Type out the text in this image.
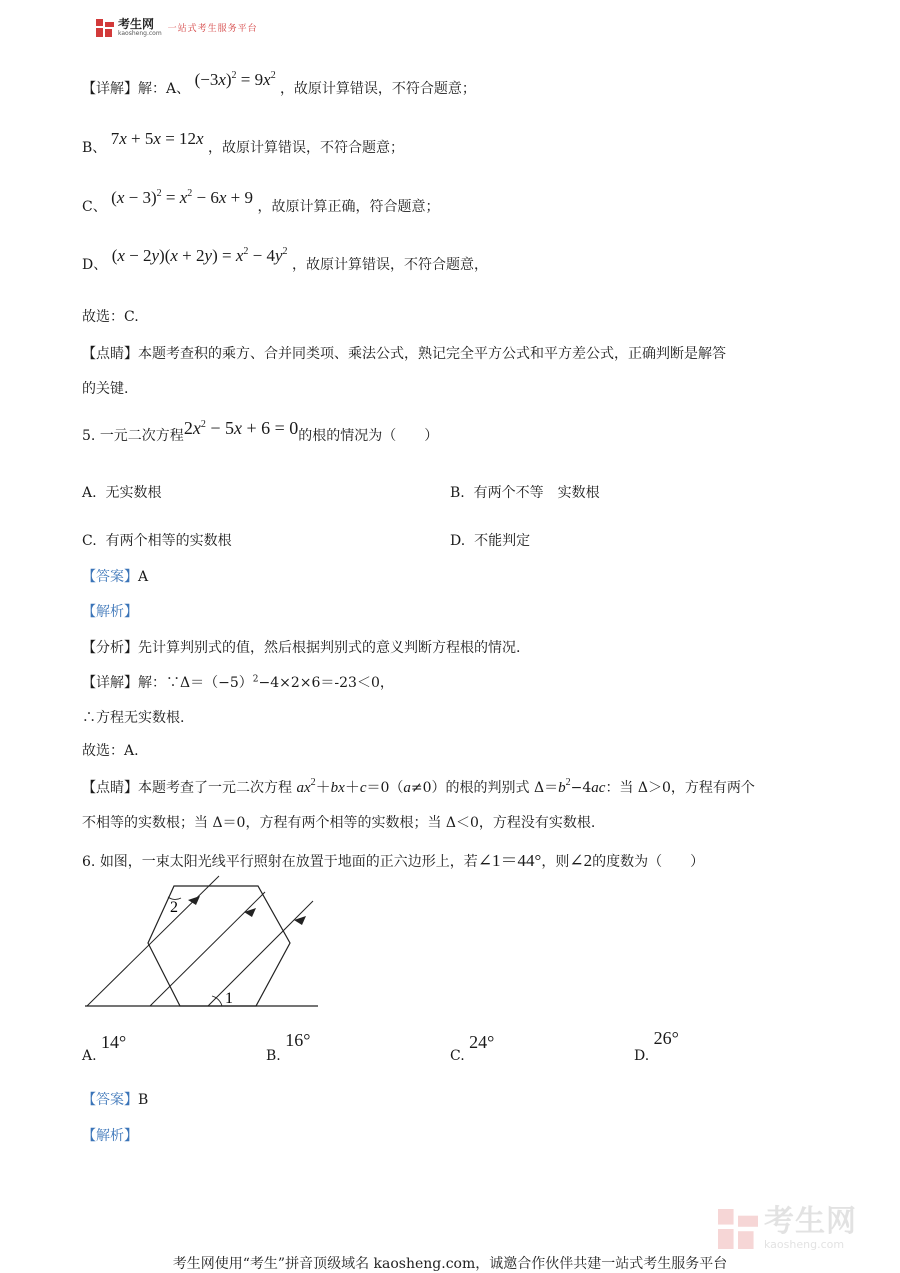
考生网
kaosheng.com 一站式考生服务平台
【详解】解：A、 $(-3x)^2 = 9x^2$ ，故原计算错误，不符合题意；
B、 7x + 5x = 12x ，故原计算错误，不符合题意；
C、 $(x - 3)^2 = x^2 - 6x + 9$ ，故原计算正确，符合题意；
D、 $(x - 2y)(x + 2y) = x^2 - 4y^2$ ，故原计算错误，不符合题意，
故选：C.
【点睛】本题考查积的乘方、合并同类项、乘法公式，熟记完全平方公式和平方差公式，正确判断是解答
的关键.
5. 一元二次方程$2x^2 - 5x + 6 = 0$的根的情况为（　　）
A. 无实数根	B. 有两个不等　实数根
C. 有两个相等的实数根	D. 不能判定
【答案】A
【解析】
【分析】先计算判别式的值，然后根据判别式的意义判断方程根的情况.
【详解】解：$\because\Delta=(-5)^2-4\times 2\times 6=-23<0$，
∴方程无实数根.
故选：A.
【点睛】本题考查了一元二次方程 $ax^2+bx+c=0(a\ne 0)$的根的判别式 $\Delta=b^2-4ac$：当 Δ＞0，方程有两个
不相等的实数根；当 Δ＝0，方程有两个相等的实数根；当 Δ＜0，方程没有实数根.
6. 如图，一束太阳光线平行照射在放置于地面的正六边形上，若∠1＝44°，则∠2的度数为（　　）
1
2
A. 14°
B. 16°
C. 24°
D. 26°
【答案】B
【解析】
考生网
kaosheng.com
考生网使用“考生”拼音顶级域名 kaosheng.com，诚邀合作伙伴共建一站式考生服务平台
